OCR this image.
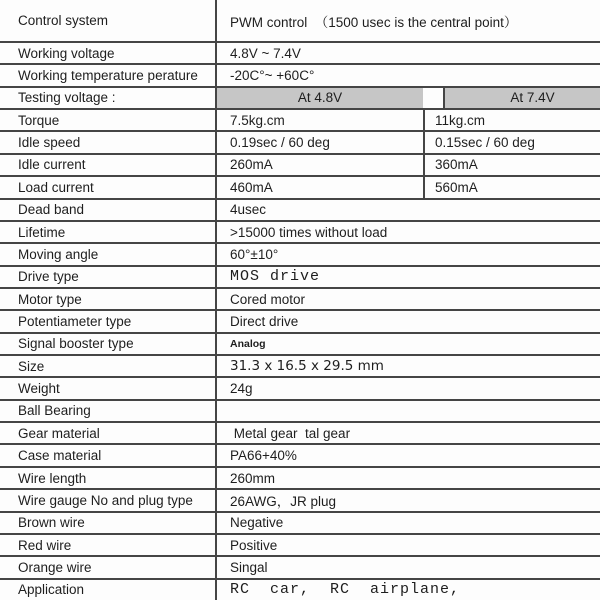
Control system	PWM control  （1500 usec is the central point）
Working voltage	4.8V ~ 7.4V
Working temperature perature	-20C°~ +60C°
Testing voltage :	At 4.8V	At 7.4V
Torque	7.5kg.cm	11kg.cm
Idle speed	0.19sec / 60 deg	0.15sec / 60 deg
Idle current	260mA	360mA
Load current	460mA	560mA
Dead band	4usec
Lifetime	>15000 times without load
Moving angle	60°±10°
Drive type	MOS drive
Motor type	Cored motor
Potentiameter type	Direct drive
Signal booster type	Analog
Size	31.3 x 16.5 x 29.5 mm
Weight	24g
Ball Bearing
Gear material	Metal gear  tal gear
Case material	PA66+40%
Wire length	260mm
Wire gauge No and plug type	26AWG，JR plug
Brown wire	Negative
Red wire	Positive
Orange wire	Singal
Application	RC  car,  RC  airplane,
